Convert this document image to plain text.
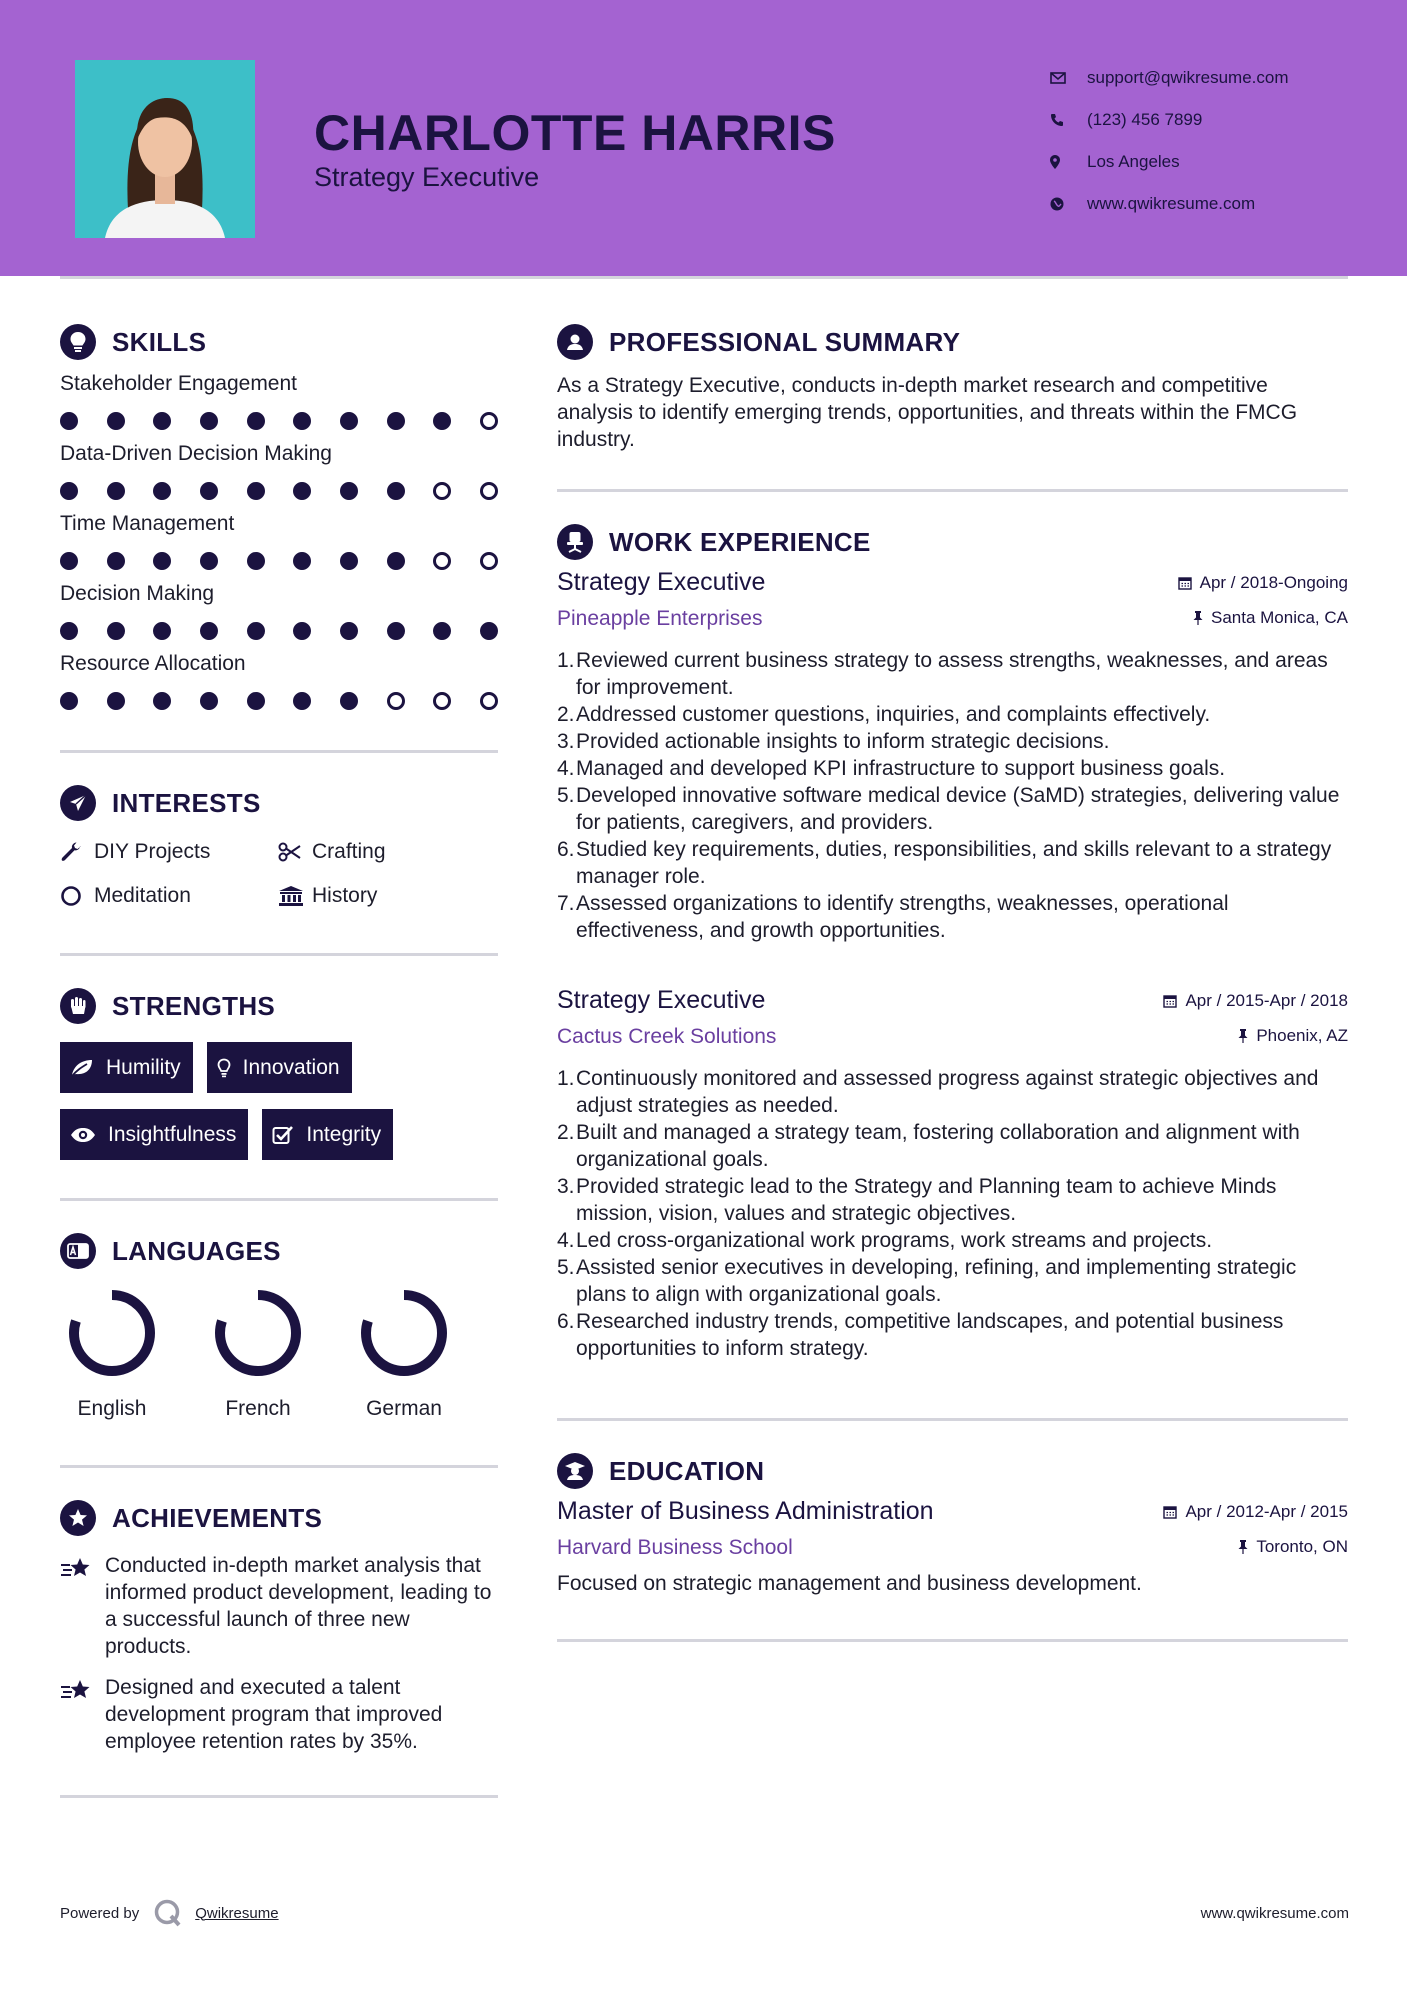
CHARLOTTE HARRIS
Strategy Executive
support@qwikresume.com
(123) 456 7899
Los Angeles
www.qwikresume.com
SKILLS
Stakeholder Engagement
Data-Driven Decision Making
Time Management
Decision Making
Resource Allocation
INTERESTS
DIY Projects	Crafting
Meditation	History
STRENGTHS
Humility	Innovation
Insightfulness	Integrity
LANGUAGES
English	French	German
ACHIEVEMENTS
Conducted in-depth market analysis that informed product development, leading to a successful launch of three new products.
Designed and executed a talent development program that improved employee retention rates by 35%.
PROFESSIONAL SUMMARY
As a Strategy Executive, conducts in-depth market research and competitive analysis to identify emerging trends, opportunities, and threats within the FMCG industry.
WORK EXPERIENCE
Strategy Executive	Apr / 2018-Ongoing
Pineapple Enterprises	Santa Monica, CA
1. Reviewed current business strategy to assess strengths, weaknesses, and areas for improvement.
2. Addressed customer questions, inquiries, and complaints effectively.
3. Provided actionable insights to inform strategic decisions.
4. Managed and developed KPI infrastructure to support business goals.
5. Developed innovative software medical device (SaMD) strategies, delivering value for patients, caregivers, and providers.
6. Studied key requirements, duties, responsibilities, and skills relevant to a strategy manager role.
7. Assessed organizations to identify strengths, weaknesses, operational effectiveness, and growth opportunities.
Strategy Executive	Apr / 2015-Apr / 2018
Cactus Creek Solutions	Phoenix, AZ
1. Continuously monitored and assessed progress against strategic objectives and adjust strategies as needed.
2. Built and managed a strategy team, fostering collaboration and alignment with organizational goals.
3. Provided strategic lead to the Strategy and Planning team to achieve Minds mission, vision, values and strategic objectives.
4. Led cross-organizational work programs, work streams and projects.
5. Assisted senior executives in developing, refining, and implementing strategic plans to align with organizational goals.
6. Researched industry trends, competitive landscapes, and potential business opportunities to inform strategy.
EDUCATION
Master of Business Administration	Apr / 2012-Apr / 2015
Harvard Business School	Toronto, ON
Focused on strategic management and business development.
Powered by	Qwikresume	www.qwikresume.com
